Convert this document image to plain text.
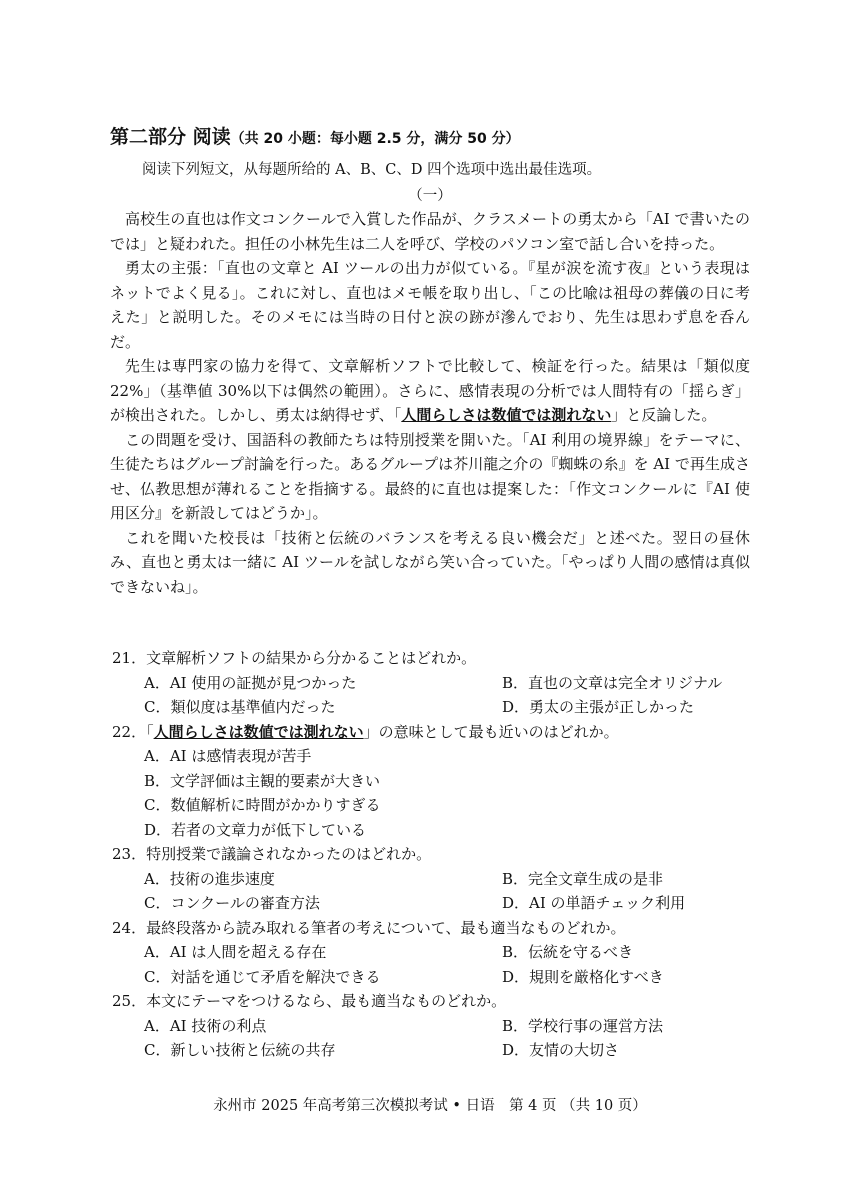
第二部分 阅读（共 20 小题：每小题 2.5 分，满分 50 分）
阅读下列短文，从每题所给的 A、B、C、D 四个选项中选出最佳选项。
（一）

高校生の直也は作文コンクールで入賞した作品が、クラスメートの勇太から「AI で書いたのでは」と疑われた。担任の小林先生は二人を呼び、学校のパソコン室で話し合いを持った。

勇太の主張：「直也の文章と AI ツールの出力が似ている。『星が涙を流す夜』という表現はネットでよく見る」。これに対し、直也はメモ帳を取り出し、「この比喩は祖母の葬儀の日に考えた」と説明した。そのメモには当時の日付と涙の跡が滲んでおり、先生は思わず息を呑んだ。

先生は専門家の協力を得て、文章解析ソフトで比較して、検証を行った。結果は「類似度 22%」（基準値 30%以下は偶然の範囲）。さらに、感情表現の分析では人間特有の「揺らぎ」が検出された。しかし、勇太は納得せず、「人間らしさは数値では測れない」と反論した。

この問題を受け、国語科の教師たちは特別授業を開いた。「AI 利用の境界線」をテーマに、生徒たちはグループ討論を行った。あるグループは芥川龍之介の『蜘蛛の糸』を AI で再生成させ、仏教思想が薄れることを指摘する。最終的に直也は提案した：「作文コンクールに『AI 使用区分』を新設してはどうか」。

これを聞いた校長は「技術と伝統のバランスを考える良い機会だ」と述べた。翌日の昼休み、直也と勇太は一緒に AI ツールを試しながら笑い合っていた。「やっぱり人間の感情は真似できないね」。

21．文章解析ソフトの結果から分かることはどれか。
A．AI 使用の証拠が見つかった	B．直也の文章は完全オリジナル
C．類似度は基準値内だった	D．勇太の主張が正しかった
22．「人間らしさは数値では測れない」の意味として最も近いのはどれか。
A．AI は感情表現が苦手
B．文学評価は主観的要素が大きい
C．数値解析に時間がかかりすぎる
D．若者の文章力が低下している
23．特別授業で議論されなかったのはどれか。
A．技術の進歩速度	B．完全文章生成の是非
C．コンクールの審査方法	D．AI の単語チェック利用
24．最終段落から読み取れる筆者の考えについて、最も適当なものどれか。
A．AI は人間を超える存在	B．伝統を守るべき
C．対話を通じて矛盾を解決できる	D．規則を厳格化すべき
25．本文にテーマをつけるなら、最も適当なものどれか。
A．AI 技術の利点	B．学校行事の運営方法
C．新しい技術と伝統の共存	D．友情の大切さ
永州市 2025 年高考第三次模拟考试 • 日语　第 4 页 （共 10 页）
